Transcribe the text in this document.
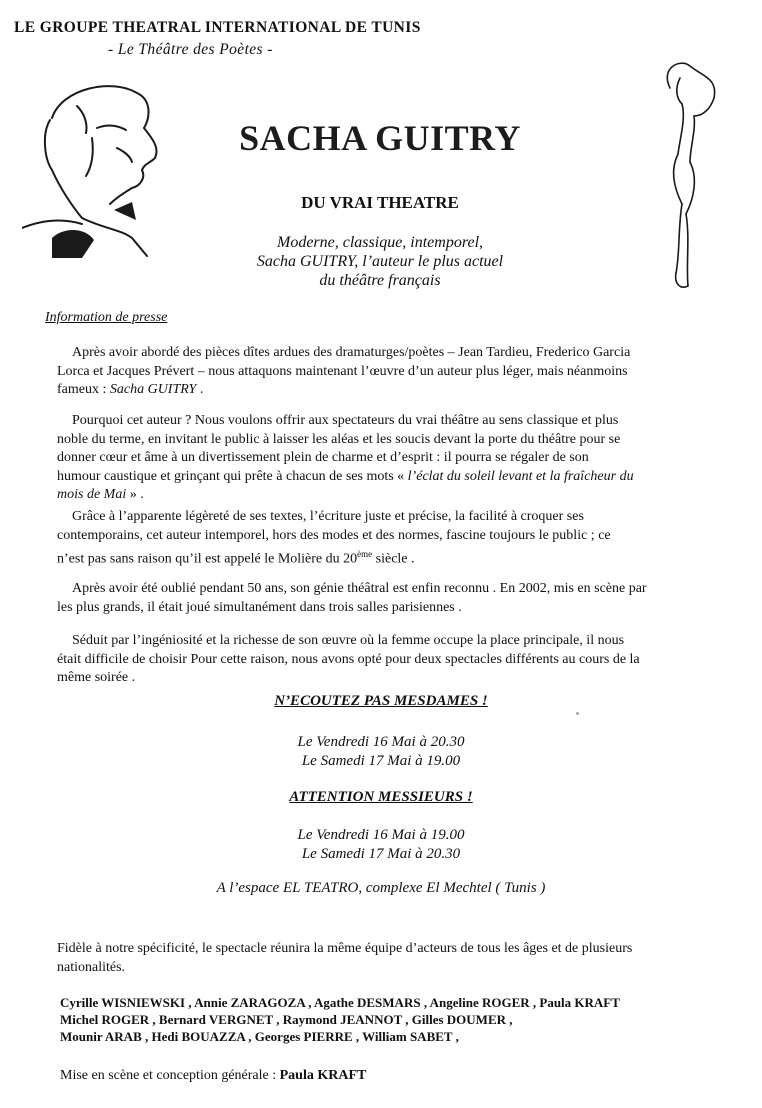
LE GROUPE THEATRAL INTERNATIONAL DE TUNIS
- Le Théâtre des Poètes -
SACHA GUITRY
DU VRAI THEATRE
Moderne, classique, intemporel,
Sacha GUITRY, l’auteur le plus actuel
du théâtre français
Information de presse
Après avoir abordé des pièces dîtes ardues des dramaturges/poètes – Jean Tardieu, Frederico Garcia
Lorca et Jacques Prévert – nous attaquons maintenant l’œuvre d’un auteur plus léger, mais néanmoins
fameux : Sacha GUITRY .
Pourquoi cet auteur ? Nous voulons offrir aux spectateurs du vrai théâtre au sens classique et plus
noble du terme, en invitant le public à laisser les aléas et les soucis devant la porte du théâtre pour se
donner cœur et âme à un divertissement plein de charme et d’esprit : il pourra se régaler de son
humour caustique et grinçant qui prête à chacun de ses mots « l’éclat du soleil levant et la fraîcheur du
mois de Mai » .
Grâce à l’apparente légèreté de ses textes, l’écriture juste et précise, la facilité à croquer ses
contemporains, cet auteur intemporel, hors des modes et des normes, fascine toujours le public ; ce
n’est pas sans raison qu’il est appelé le Molière du 20ème siècle .
Après avoir été oublié pendant 50 ans, son génie théâtral est enfin reconnu . En 2002, mis en scène par
les plus grands, il était joué simultanément dans trois salles parisiennes .
Séduit par l’ingéniosité et la richesse de son œuvre où la femme occupe la place principale, il nous
était difficile de choisir Pour cette raison, nous avons opté pour deux spectacles différents au cours de la
même soirée .
N’ECOUTEZ PAS MESDAMES !
Le Vendredi 16 Mai à 20.30
Le Samedi 17 Mai à 19.00
ATTENTION MESSIEURS !
Le Vendredi 16 Mai à 19.00
Le Samedi 17 Mai à 20.30
A l’espace EL TEATRO, complexe El Mechtel ( Tunis )
Fidèle à notre spécificité, le spectacle réunira la même équipe d’acteurs de tous les âges et de plusieurs
nationalités.
Cyrille WISNIEWSKI , Annie ZARAGOZA , Agathe DESMARS , Angeline ROGER , Paula KRAFT
Michel ROGER , Bernard VERGNET , Raymond JEANNOT , Gilles DOUMER ,
Mounir ARAB , Hedi BOUAZZA , Georges PIERRE , William SABET ,
Mise en scène et conception générale : Paula KRAFT
